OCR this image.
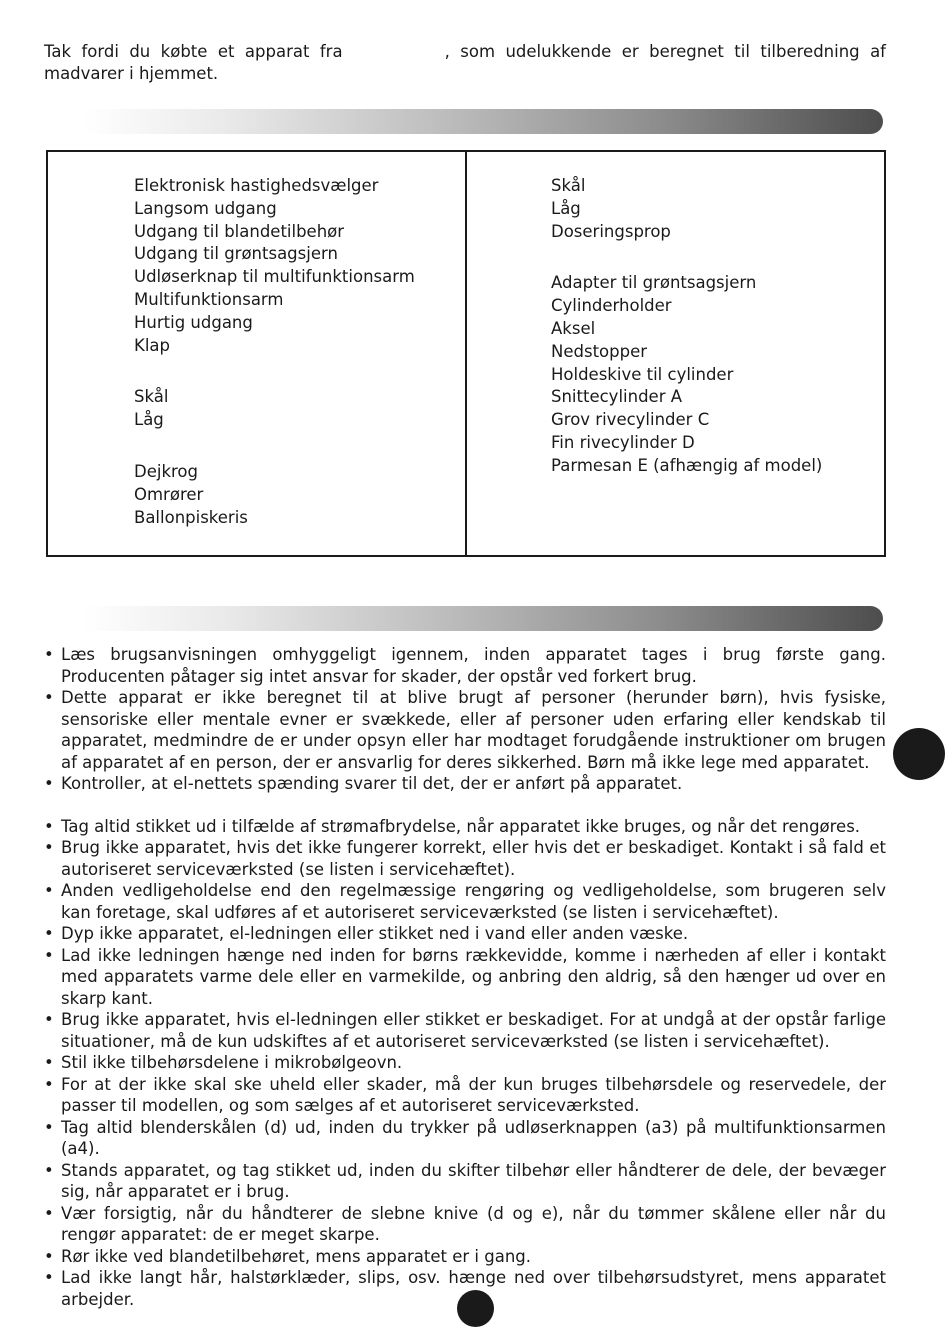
Tak fordi du købte et apparat fra	, som udelukkende er beregnet til tilberedning af madvarer i hjemmet.

Elektronisk hastighedsvælger
Langsom udgang
Udgang til blandetilbehør
Udgang til grøntsagsjern
Udløserknap til multifunktionsarm
Multifunktionsarm
Hurtig udgang
Klap
Skål
Låg
Dejkrog
Omrører
Ballonpiskeris
Skål
Låg
Doseringsprop
Adapter til grøntsagsjern
Cylinderholder
Aksel
Nedstopper
Holdeskive til cylinder
Snittecylinder A
Grov rivecylinder C
Fin rivecylinder D
Parmesan E (afhængig af model)
• Læs brugsanvisningen omhyggeligt igennem, inden apparatet tages i brug første gang. Producenten påtager sig intet ansvar for skader, der opstår ved forkert brug.
• Dette apparat er ikke beregnet til at blive brugt af personer (herunder børn), hvis fysiske, sensoriske eller mentale evner er svækkede, eller af personer uden erfaring eller kendskab til apparatet, medmindre de er under opsyn eller har modtaget forudgående instruktioner om brugen af apparatet af en person, der er ansvarlig for deres sikkerhed. Børn må ikke lege med apparatet.
• Kontroller, at el-nettets spænding svarer til det, der er anført på apparatet.
• Tag altid stikket ud i tilfælde af strømafbrydelse, når apparatet ikke bruges, og når det rengøres.
• Brug ikke apparatet, hvis det ikke fungerer korrekt, eller hvis det er beskadiget. Kontakt i så fald et autoriseret serviceværksted (se listen i servicehæftet).
• Anden vedligeholdelse end den regelmæssige rengøring og vedligeholdelse, som brugeren selv kan foretage, skal udføres af et autoriseret serviceværksted (se listen i servicehæftet).
• Dyp ikke apparatet, el-ledningen eller stikket ned i vand eller anden væske.
• Lad ikke ledningen hænge ned inden for børns rækkevidde, komme i nærheden af eller i kontakt med apparatets varme dele eller en varmekilde, og anbring den aldrig, så den hænger ud over en skarp kant.
• Brug ikke apparatet, hvis el-ledningen eller stikket er beskadiget. For at undgå at der opstår farlige situationer, må de kun udskiftes af et autoriseret serviceværksted (se listen i servicehæftet).
• Stil ikke tilbehørsdelene i mikrobølgeovn.
• For at der ikke skal ske uheld eller skader, må der kun bruges tilbehørsdele og reservedele, der passer til modellen, og som sælges af et autoriseret serviceværksted.
• Tag altid blenderskålen (d) ud, inden du trykker på udløserknappen (a3) på multifunktionsarmen (a4).
• Stands apparatet, og tag stikket ud, inden du skifter tilbehør eller håndterer de dele, der bevæger sig, når apparatet er i brug.
• Vær forsigtig, når du håndterer de slebne knive (d og e), når du tømmer skålene eller når du rengør apparatet: de er meget skarpe.
• Rør ikke ved blandetilbehøret, mens apparatet er i gang.
• Lad ikke langt hår, halstørklæder, slips, osv. hænge ned over tilbehørsudstyret, mens apparatet arbejder.
